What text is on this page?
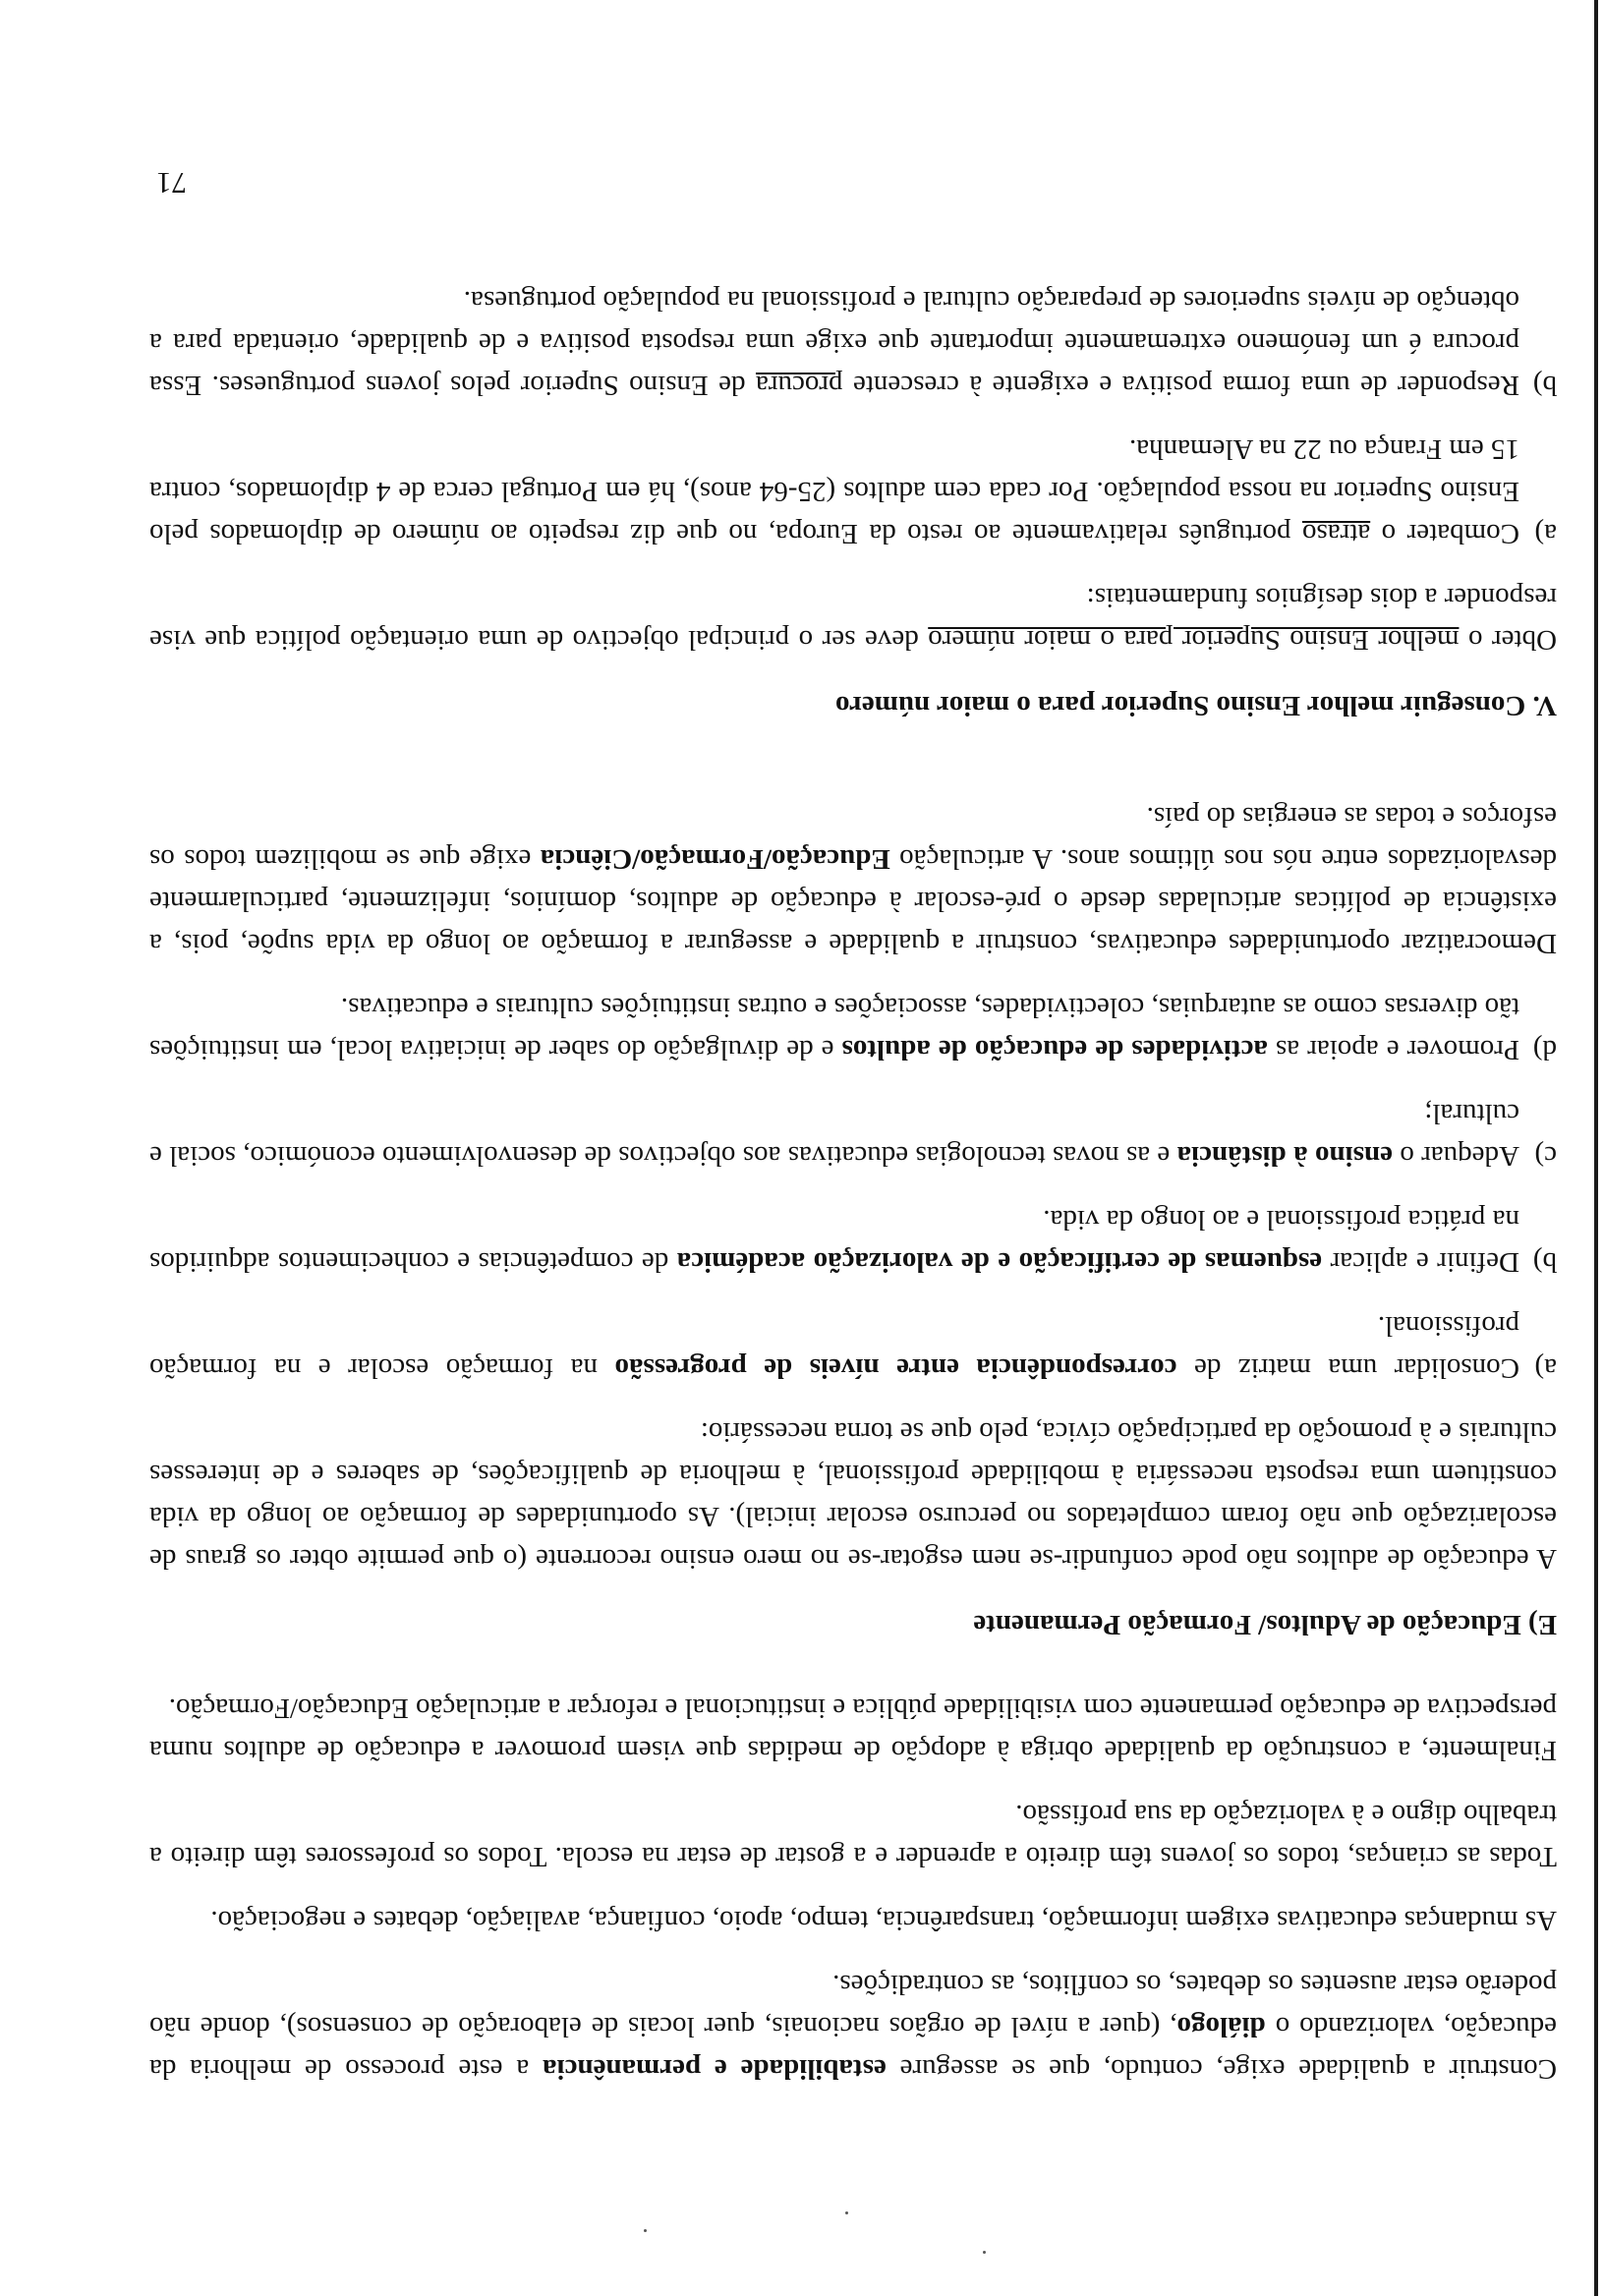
Construir a qualidade exige, contudo, que se assegure estabilidade e permanência a este processo de melhoria da educação, valorizando o diálogo, (quer a nível de orgãos nacionais, quer locais de elaboração de consensos), donde não poderão estar ausentes os debates, os conflitos, as contradições.

As mudanças educativas exigem informação, transparência, tempo, apoio, confiança, avaliação, debates e negociação.

Todas as crianças, todos os jovens têm direito a aprender e a gostar de estar na escola. Todos os professores têm direito a trabalho digno e à valorização da sua profissão.

Finalmente, a construção da qualidade obriga à adopção de medidas que visem promover a educação de adultos numa perspectiva de educação permanente com visibilidade pública e institucional e reforçar a articulação Educação/Formação.

E) Educação de Adultos/ Formação Permanente

A educação de adultos não pode confundir-se nem esgotar-se no mero ensino recorrente (o que permite obter os graus de escolarização que não foram completados no percurso escolar inicial). As oportunidades de formação ao longo da vida constituem uma resposta necessária à mobilidade profissional, à melhoria de qualificações, de saberes e de interesses culturais e à promoção da participação cívica, pelo que se torna necessário:

a)
Consolidar uma matriz de correspondência entre níveis de progressão na formação escolar e na formação profissional.
b)
Definir e aplicar esquemas de certificação e de valorização académica de competências e conhecimentos adquiridos na prática profissional e ao longo da vida.
c)
Adequar o ensino à distância e as novas tecnologias educativas aos objectivos de desenvolvimento económico, social e cultural;
d)
Promover e apoiar as actividades de educação de adultos e de divulgação do saber de iniciativa local, em instituições tão diversas como as autarquias, colectividades, associações e outras instituições culturais e educativas.

Democratizar oportunidades educativas, construir a qualidade e assegurar a formação ao longo da vida supõe, pois, a existência de políticas articuladas desde o pré-escolar à educação de adultos, domínios, infelizmente, particularmente desvalorizados entre nós nos últimos anos. A articulação Educação/Formação/Ciência exige que se mobilizem todos os esforços e todas as energias do país.

V. Conseguir melhor Ensino Superior para o maior número

Obter o melhor Ensino Superior para o maior número deve ser o principal objectivo de uma orientação política que vise responder a dois desígnios fundamentais:

a)
Combater o atraso português relativamente ao resto da Europa, no que diz respeito ao número de diplomados pelo Ensino Superior na nossa população. Por cada cem adultos (25-64 anos), há em Portugal cerca de 4 diplomados, contra 15 em França ou 22 na Alemanha.
b)
Responder de uma forma positiva e exigente à crescente procura de Ensino Superior pelos jovens portugueses. Essa procura é um fenómeno extremamente importante que exige uma resposta positiva e de qualidade, orientada para a obtenção de níveis superiores de preparação cultural e profissional na população portuguesa.
71
